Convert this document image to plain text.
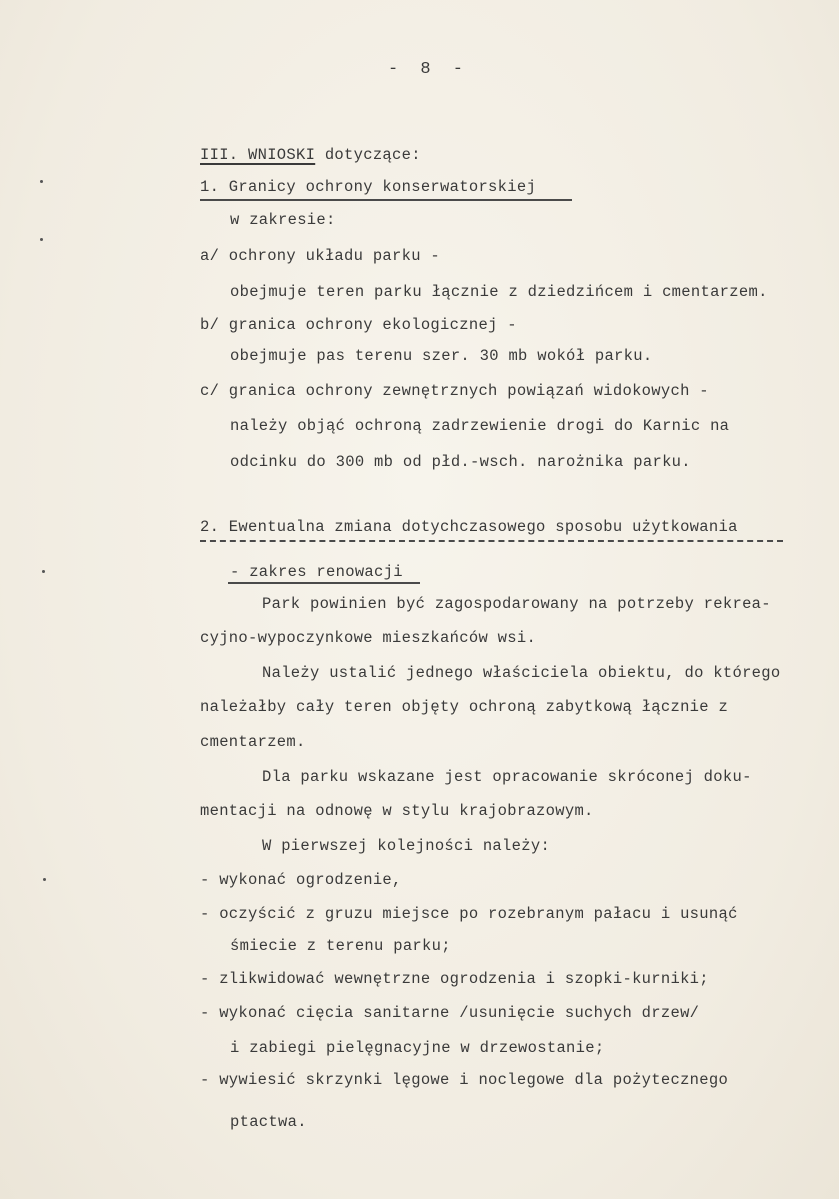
- 8 -
III. WNIOSKI dotyczące:
1. Granicy ochrony konserwatorskiej
w zakresie:
a/ ochrony układu parku -
obejmuje teren parku łącznie z dziedzińcem i cmentarzem.
b/ granica ochrony ekologicznej -
obejmuje pas terenu szer. 30 mb wokół parku.
c/ granica ochrony zewnętrznych powiązań widokowych -
należy objąć ochroną zadrzewienie drogi do Karnic na
odcinku do 300 mb od płd.-wsch. narożnika parku.
2. Ewentualna zmiana dotychczasowego sposobu użytkowania
- zakres renowacji
Park powinien być zagospodarowany na potrzeby rekrea-
cyjno-wypoczynkowe mieszkańców wsi.
Należy ustalić jednego właściciela obiektu, do którego
należałby cały teren objęty ochroną zabytkową łącznie z
cmentarzem.
Dla parku wskazane jest opracowanie skróconej doku-
mentacji na odnowę w stylu krajobrazowym.
W pierwszej kolejności należy:
- wykonać ogrodzenie,
- oczyścić z gruzu miejsce po rozebranym pałacu i usunąć
śmiecie z terenu parku;
- zlikwidować wewnętrzne ogrodzenia i szopki-kurniki;
- wykonać cięcia sanitarne /usunięcie suchych drzew/
i zabiegi pielęgnacyjne w drzewostanie;
- wywiesić skrzynki lęgowe i noclegowe dla pożytecznego
ptactwa.
